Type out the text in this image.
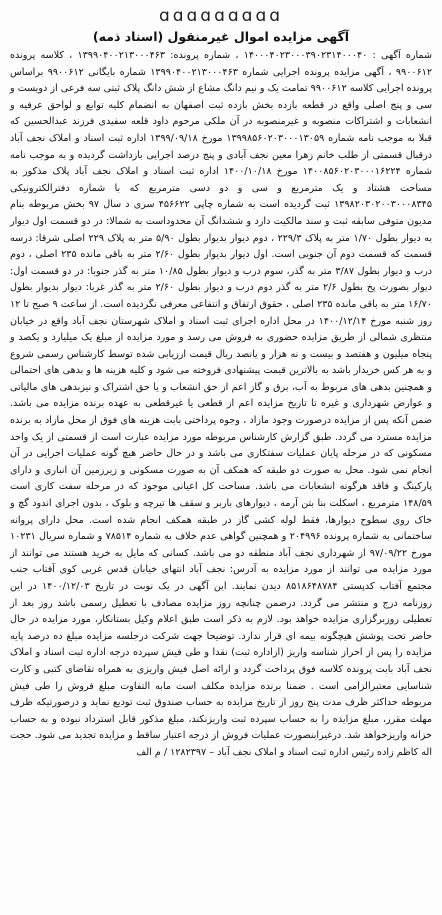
ɑɑɑɑɑɑɑɑɑ
آگهی مزایده اموال غیرمنقول (اسناد ذمه)
شماره آگهی : ۱۴۰۰۰۴۰۲۳۰۰۰۳۹۰۲۳۱۴۰۰۰۴۰ ، شماره پرونده: ۱۳۹۹۰۴۰۰۲۱۳۰۰۰۴۶۳ ، کلاسه پرونده ۹۹۰۰۶۱۲ ، آگهی مزایده پرونده اجرایی شماره ۱۳۹۹۰۴۰۰۲۱۳۰۰۰۴۶۳ شماره بایگانی ۹۹۰۰۶۱۲ براساس پرونده اجرایی کلاسه ۹۹۰۰۶۱۲ تمامت یک و نیم دانگ مشاع از شش دانگ پلاک ثبتی سه فرعی از دویست و سی و پنج اصلی واقع در قطعه بازده بخش بازده ثبت اصفهان به انضمام کلیه توابع و لواحق عرفیه و انشعابات و اشتراکات منصوبه و غیرمنصوبه در آن ملکی مرحوم داود قلعه سفیدی فرزند عبدالحسین که قبلا به موجب نامه شماره ۱۳۹۹۸۵۶۰۲۰۳۰۰۰۱۳۰۵۹ مورخ ۱۳۹۹/۰۹/۱۸ اداره ثبت اسناد و املاک نجف آباد درقبال قسمتی از طلب خانم زهرا معین نجف آبادی و پنج درصد اجرایی بازداشت گردیده و به موجب نامه شماره ۱۴۰۰۸۵۶۰۲۰۳۰۰۰۱۶۲۲۴ مورخ ۱۴۰۰/۱۰/۱۸ اداره ثبت اسناد و املاک نجف آباد پلاک مذکور به مساحت هشتاد و یک مترمربع و سی و دو دسی مترمربع که با شماره دفترالکترونیکی ۱۳۹۸۲۰۳۰۲۰۰۳۰۰۰۸۳۴۵ ثبت گردیده است به شماره چاپی ۴۵۶۶۲۲ سری د سال ۹۷ بخش مربوطه بنام مدیون متوفی سابقه ثبت و سند مالکیت دارد و ششدانگ آن محدوداست به شمالا: در دو قسمت اول دیوار به دیوار بطول ۱/۷۰ متر به پلاک ۲۲۹/۳ ، دوم دیوار بدیوار بطول ۵/۹۰ متر به پلاک ۲۲۹ اصلی شرقا: درسه قسمت که قسمت دوم آن جنوبی است. اول دیوار بدیوار بطول ۲/۶۰ متر به باقی مانده ۲۳۵ اصلی ، دوم درب و دیوار بطول ۳/۸۷ متر به گذر، سوم درب و دیوار بطول ۱۰/۸۵ متر به گذر جنوبا: در دو قسمت اول: دیوار بصورت پخ بطول ۲/۶ متر به گذر دوم درب و دیوار بطول ۲/۶۰ متر به گذر غربا: دیوار بدیوار بطول ۱۶/۷۰ متر به باقی مانده ۲۳۵ اصلی ، حقوق ارتفاق و انتفاعی معرفی نگردیده است. از ساعت ۹ صبح تا ۱۲ روز شنبه مورخ ۱۴۰۰/۱۲/۱۴ در محل اداره اجرای ثبت اسناد و املاک شهرستان نجف آباد واقع در خیابان منتظری شمالی از طریق مزایده حضوری به فروش می رسد و مورد مزایده از مبلغ یک میلیارد و یکصد و پنجاه میلیون و هفتصد و بیست و نه هزار و یانصد ریال قیمت ارزیابی شده توسط کارشناس رسمی شروع و به هر کس خریدار باشد به بالاترین قیمت پیشنهادی فروخته می شود و کلیه هزینه ها و بدهی های احتمالی و همچنین بدهی های مربوط به آب، برق و گاز اعم از حق انشعاب و یا حق اشتراک و نیزبدهی های مالیاتی و عوارض شهرداری و غیره تا تاریخ مزایده اعم از قطعی یا غیرقطعی به عهده برنده مزایده می باشد. ضمن آنکه پس از مزایده درصورت وجود مازاد ، وجوه پرداختی بابت هزینه های فوق از محل مازاد به برنده مزایده مسترد می گردد. طبق گزارش کارشناس مربوطه مورد مزایده عبارت است از قسمتی از یک واحد مسکونی که در مرحله پایان عملیات سفتکاری می باشد و در حال حاضر هیچ گونه عملیات اجرایی در آن انجام نمی شود. محل به صورت دو طبقه که همکف آن به صورت مسکونی و زیرزمین آن انباری و دارای پارکینگ و فاقد هرگونه انشعابات می باشد. مساحت کل اعیانی موجود که در مرحله سفت کاری است ۱۴۸/۵۹ مترمربع ، اسکلت بنا بتن آرمه ، دیوارهای باربر و سقف ها تیرچه و بلوک ، بدون اجرای اندود گچ و خاک روی سطوح دیوارها، فقط لوله کشی گاز در طبقه همکف انجام شده است. محل دارای پروانه ساختمانی به شماره پرونده ۲۰۴۹۹۶ و همچنین گواهی عدم خلاف به شماره ۷۸۵۱۴ و شماره سریال ۱۰۲۳۱ مورخ ۹۷/۰۹/۲۲ از شهرداری نجف آباد منطقه دو می باشد. کسانی که مایل به خرید هستند می توانند از مورد مزایده می توانند از مورد مزایده به آدرس: نجف آباد انتهای خیابان قدس غربی کوی آفتاب جنب مجتمع آفتاب کدپستی ۸۵۱۸۶۴۸۷۸۴ دیدن نمایند. این آگهی در یک نوبت در تاریخ ۱۴۰۰/۱۲/۰۳ در این روزنامه درج و منتشر می گردد. درضمن چنانچه روز مزایده مصادف با تعطیل رسمی باشد روز بعد از تعطیلی روزبرگزاری مزایده خواهد بود. لازم به ذکر است طبق اعلام وکیل بستانکار، مورد مزایده در حال حاضر تحت پوشش هیچگونه بیمه ای قرار ندارد. توضیحا جهت شرکت درجلسه مزایده مبلغ ده درصد پایه مزایده را پس از احراز شناسه واریز (ازاداره ثبت) نقدا و طی فیش سپرده درجه اداره ثبت اسناد و املاک نجف آباد بابت پرونده کلاسه فوق پرداخت گردد و ارائه اصل فیش واریزی به همراه تقاضای کتبی و کارت شناسایی معتبرالزامی است . ضمنا برنده مزایده مکلف است مابه التفاوت مبلغ فروش را طی فیش مربوطه حداکثر ظرف مدت پنج روز از تاریخ مزایده به حساب صندوق ثبت تودیع نماید و درصورتیکه ظرف مهلت مقرر، مبلغ مزایده را به حساب سپرده ثبت واریزنکند، مبلغ مذکور قابل استرداد نبوده و به حساب خزانه واریزخواهد شد. درغیرابنصورت عملیات فروش از درجه اعتبار ساقط و مزایده تجدید می شود. حجت اله کاظم زاده رئیس اداره ثبت اسناد و املاک نجف آباد – ۱۲۸۲۳۹۷ / م الف
